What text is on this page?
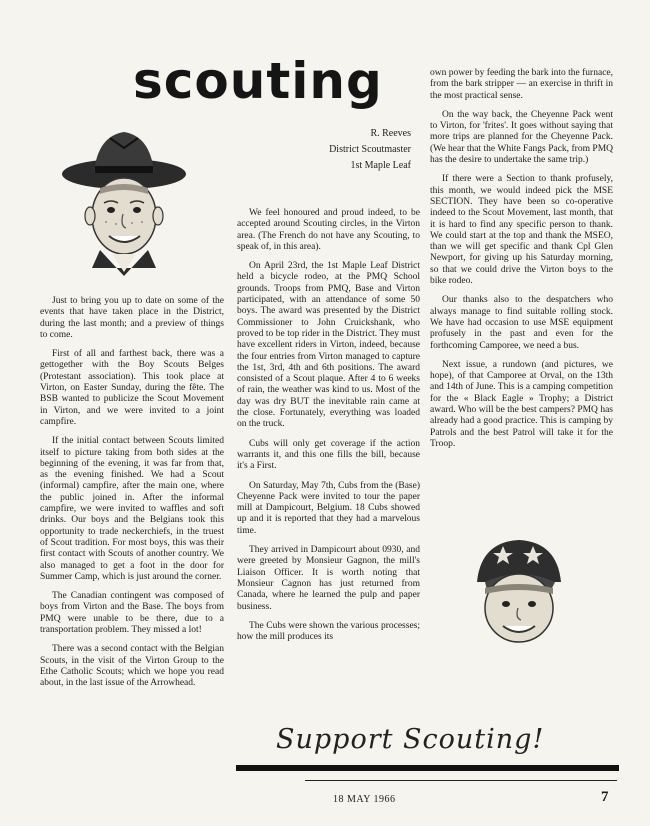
scouting
R. Reeves
District Scoutmaster
1st Maple Leaf

Just to bring you up to date on some of the events that have taken place in the District, during the last month; and a preview of things to come.

First of all and farthest back, there was a gettogether with the Boy Scouts Belges (Protestant association). This took place at Virton, on Easter Sunday, during the fête. The BSB wanted to publicize the Scout Movement in Virton, and we were invited to a joint campfire.

If the initial contact between Scouts limited itself to picture taking from both sides at the beginning of the evening, it was far from that, as the evening finished. We had a Scout (informal) campfire, after the main one, where the public joined in. After the informal campfire, we were invited to waffles and soft drinks. Our boys and the Belgians took this opportunity to trade neckerchiefs, in the truest of Scout tradition. For most boys, this was their first contact with Scouts of another country. We also managed to get a foot in the door for Summer Camp, which is just around the corner.

The Canadian contingent was composed of boys from Virton and the Base. The boys from PMQ were unable to be there, due to a transportation problem. They missed a lot!

There was a second contact with the Belgian Scouts, in the visit of the Virton Group to the Ethe Catholic Scouts; which we hope you read about, in the last issue of the Arrowhead.

We feel honoured and proud indeed, to be accepted around Scouting circles, in the Virton area. (The French do not have any Scouting, to speak of, in this area).

On April 23rd, the 1st Maple Leaf District held a bicycle rodeo, at the PMQ School grounds. Troops from PMQ, Base and Virton participated, with an attendance of some 50 boys. The award was presented by the District Commissioner to John Cruickshank, who proved to be top rider in the District. They must have excellent riders in Virton, indeed, because the four entries from Virton managed to capture the 1st, 3rd, 4th and 6th positions. The award consisted of a Scout plaque. After 4 to 6 weeks of rain, the weather was kind to us. Most of the day was dry BUT the inevitable rain came at the close. Fortunately, everything was loaded on the truck.

Cubs will only get coverage if the action warrants it, and this one fills the bill, because it's a First.

On Saturday, May 7th, Cubs from the (Base) Cheyenne Pack were invited to tour the paper mill at Dampicourt, Belgium. 18 Cubs showed up and it is reported that they had a marvelous time.

They arrived in Dampicourt about 0930, and were greeted by Monsieur Gagnon, the mill's Liaison Officer. It is worth noting that Monsieur Cagnon has just returned from Canada, where he learned the pulp and paper business.

The Cubs were shown the various processes; how the mill produces its

own power by feeding the bark into the furnace, from the bark stripper — an exercise in thrift in the most practical sense.

On the way back, the Cheyenne Pack went to Virton, for 'frites'. It goes without saying that more trips are planned for the Cheyenne Pack. (We hear that the White Fangs Pack, from PMQ has the desire to undertake the same trip.)

If there were a Section to thank profusely, this month, we would indeed pick the MSE SECTION. They have been so co-operative indeed to the Scout Movement, last month, that it is hard to find any specific person to thank. We could start at the top and thank the MSEO, than we will get specific and thank Cpl Glen Newport, for giving up his Saturday morning, so that we could drive the Virton boys to the bike rodeo.

Our thanks also to the despatchers who always manage to find suitable rolling stock. We have had occasion to use MSE equipment profusely in the past and even for the forthcoming Camporee, we need a bus.

Next issue, a rundown (and pictures, we hope), of that Camporee at Orval, on the 13th and 14th of June. This is a camping competition for the « Black Eagle » Trophy; a District award. Who will be the best campers? PMQ has already had a good practice. This is camping by Patrols and the best Patrol will take it for the Troop.

Support Scouting!

18 MAY 1966	7
